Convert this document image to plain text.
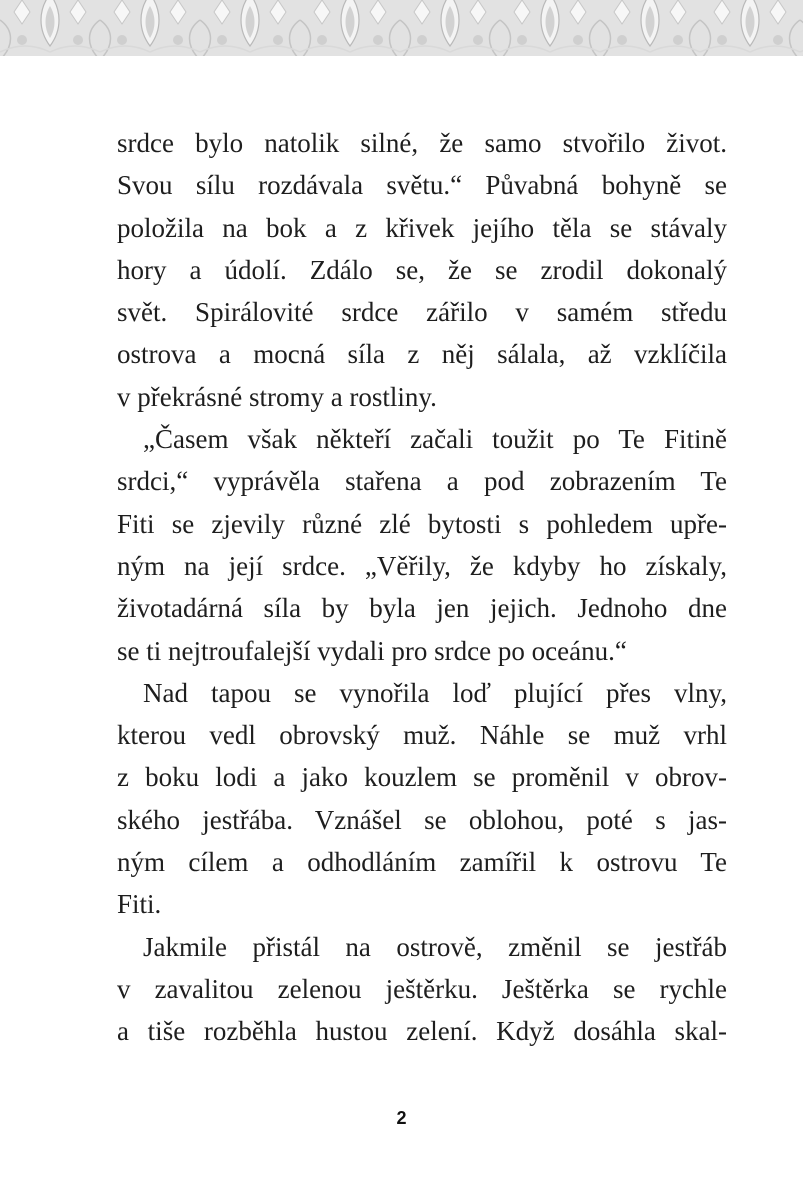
srdce bylo natolik silné, že samo stvořilo život.
Svou sílu rozdávala světu.“ Půvabná bohyně se
položila na bok a z křivek jejího těla se stávaly
hory a údolí. Zdálo se, že se zrodil dokonalý
svět. Spirálovité srdce zářilo v samém středu
ostrova a mocná síla z něj sálala, až vzklíčila
v překrásné stromy a rostliny.

„Časem však někteří začali toužit po Te Fitině
srdci,“ vyprávěla stařena a pod zobrazením Te
Fiti se zjevily různé zlé bytosti s pohledem upře-
ným na její srdce. „Věřily, že kdyby ho získaly,
životadárná síla by byla jen jejich. Jednoho dne
se ti nejtroufalejší vydali pro srdce po oceánu.“

Nad tapou se vynořila loď plující přes vlny,
kterou vedl obrovský muž. Náhle se muž vrhl
z boku lodi a jako kouzlem se proměnil v obrov-
ského jestřába. Vznášel se oblohou, poté s jas-
ným cílem a odhodláním zamířil k ostrovu Te
Fiti.

Jakmile přistál na ostrově, změnil se jestřáb
v zavalitou zelenou ještěrku. Ještěrka se rychle
a tiše rozběhla hustou zelení. Když dosáhla skal-

2
